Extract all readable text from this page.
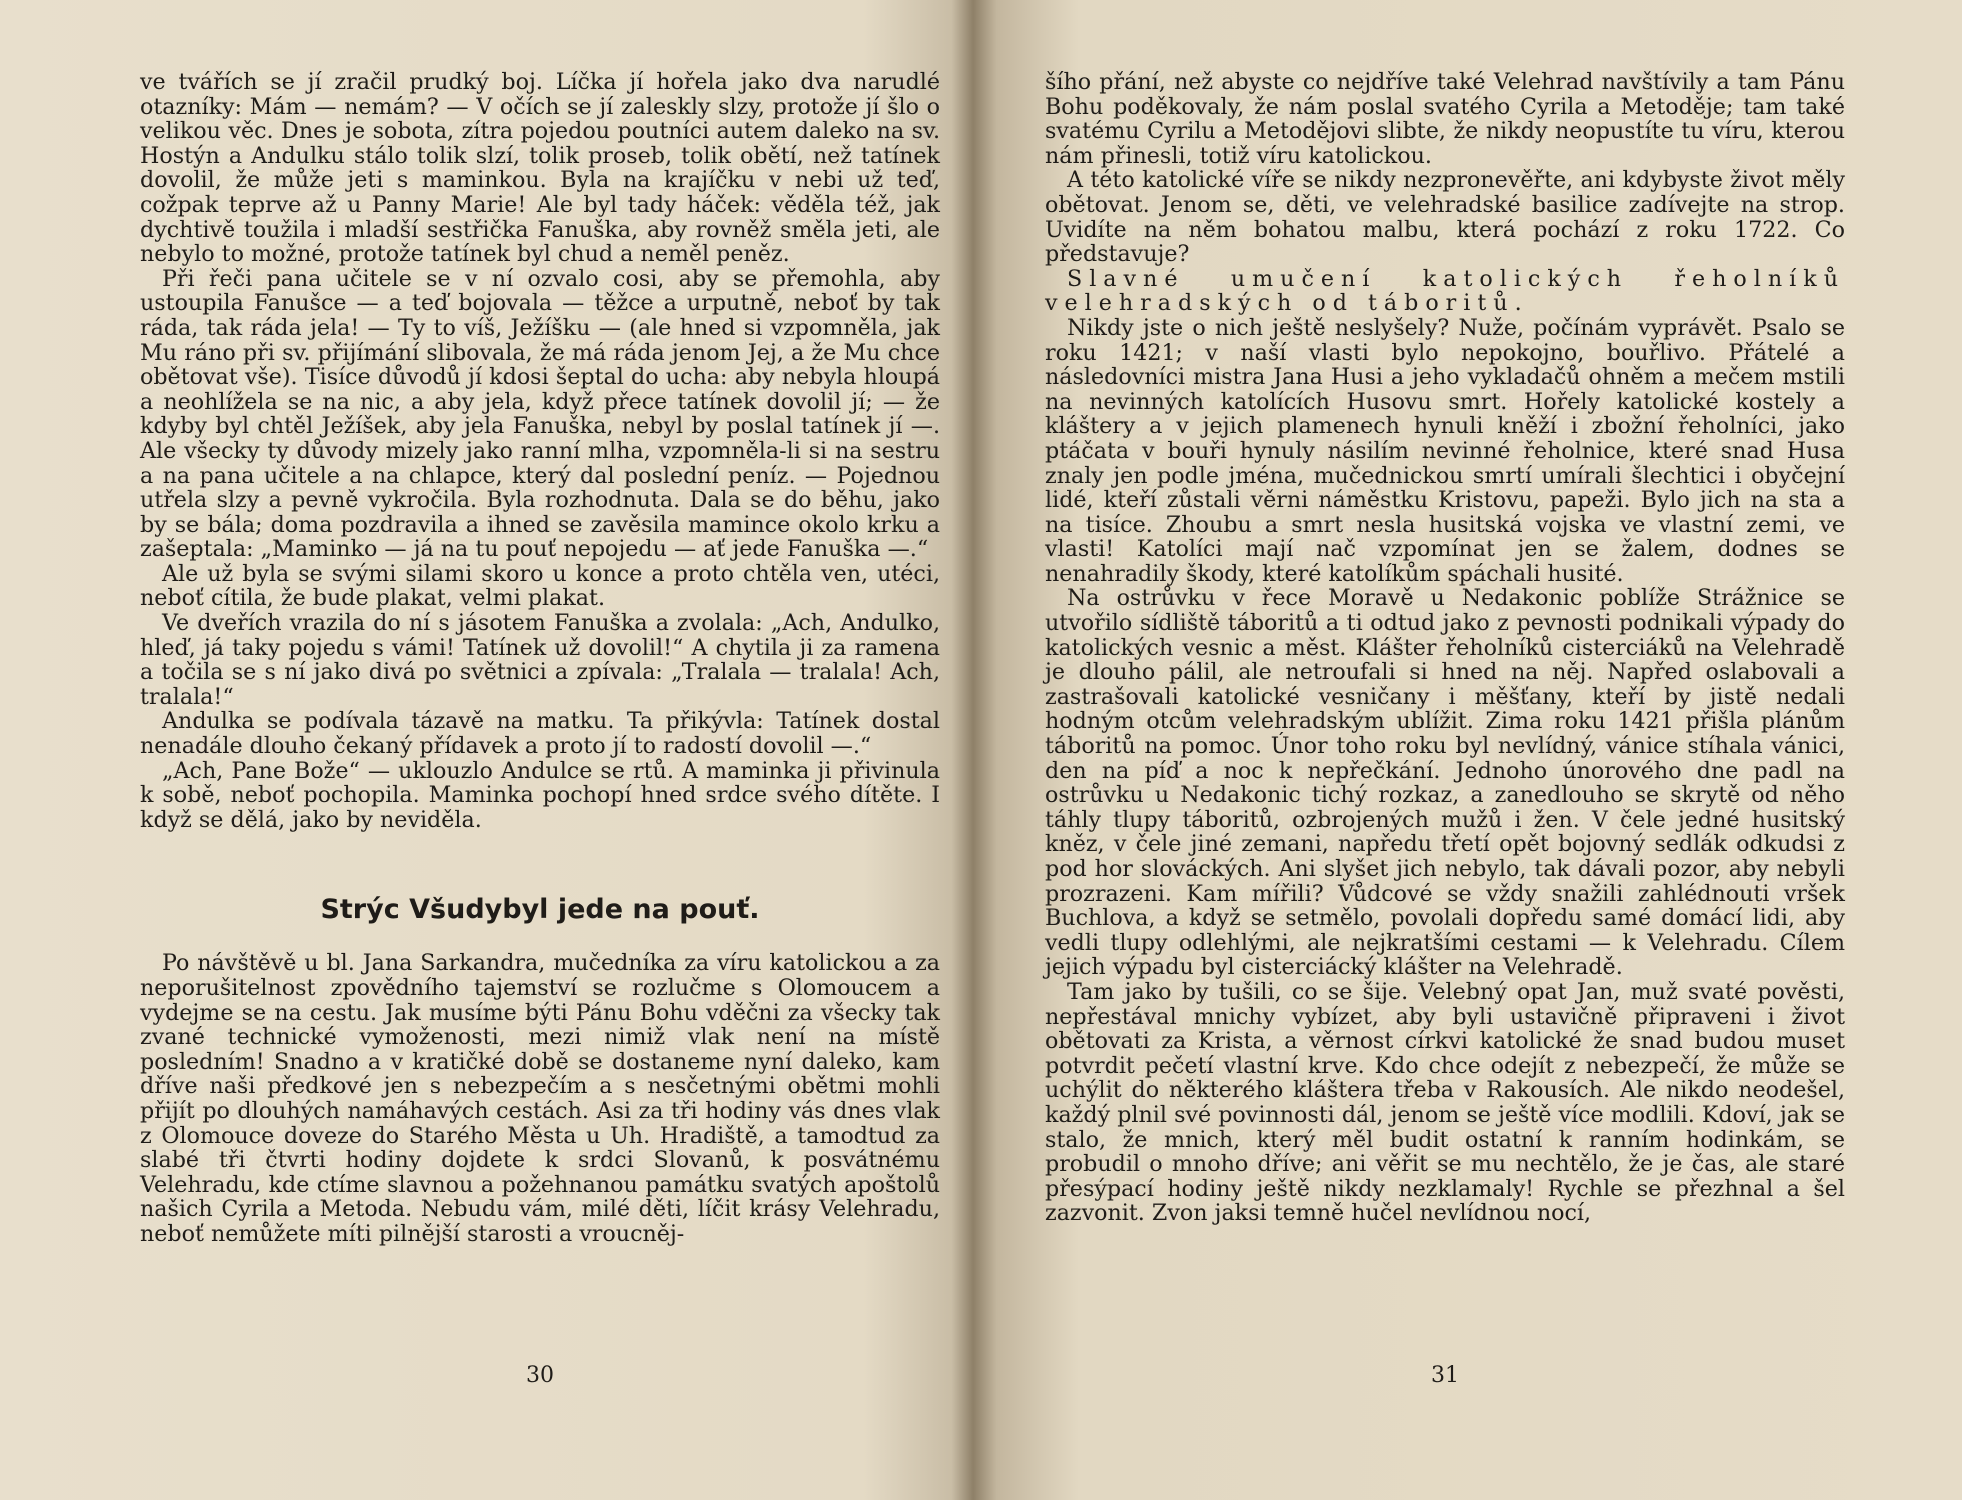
ve tvářích se jí zračil prudký boj. Líčka jí hořela jako dva narudlé otazníky: Mám — nemám? — V očích se jí zaleskly slzy, protože jí šlo o velikou věc. Dnes je sobota, zítra pojedou poutníci autem daleko na sv. Hostýn a Andulku stálo tolik slzí, tolik proseb, tolik obětí, než tatínek dovolil, že může jeti s maminkou. Byla na krajíčku v nebi už teď, cožpak teprve až u Panny Marie! Ale byl tady háček: věděla též, jak dychtivě toužila i mladší sestřička Fanuška, aby rovněž směla jeti, ale nebylo to možné, protože tatínek byl chud a neměl peněz.

Při řeči pana učitele se v ní ozvalo cosi, aby se přemohla, aby ustoupila Fanušce — a teď bojovala — těžce a urputně, neboť by tak ráda, tak ráda jela! — Ty to víš, Ježíšku — (ale hned si vzpomněla, jak Mu ráno při sv. přijímání slibovala, že má ráda jenom Jej, a že Mu chce obětovat vše). Tisíce důvodů jí kdosi šeptal do ucha: aby nebyla hloupá a neohlížela se na nic, a aby jela, když přece tatínek dovolil jí; — že kdyby byl chtěl Ježíšek, aby jela Fanuška, nebyl by poslal tatínek jí —. Ale všecky ty důvody mizely jako ranní mlha, vzpomněla-li si na sestru a na pana učitele a na chlapce, který dal poslední peníz. — Pojednou utřela slzy a pevně vykročila. Byla rozhodnuta. Dala se do běhu, jako by se bála; doma pozdravila a ihned se zavěsila mamince okolo krku a zašeptala: „Maminko — já na tu pouť nepojedu — ať jede Fanuška —.“

Ale už byla se svými silami skoro u konce a proto chtěla ven, utéci, neboť cítila, že bude plakat, velmi plakat.

Ve dveřích vrazila do ní s jásotem Fanuška a zvolala: „Ach, Andulko, hleď, já taky pojedu s vámi! Tatínek už dovolil!“ A chytila ji za ramena a točila se s ní jako divá po světnici a zpívala: „Tralala — tralala! Ach, tralala!“

Andulka se podívala tázavě na matku. Ta přikývla: Tatínek dostal nenadále dlouho čekaný přídavek a proto jí to radostí dovolil —.“

„Ach, Pane Bože“ — uklouzlo Andulce se rtů. A maminka ji přivinula k sobě, neboť pochopila. Maminka pochopí hned srdce svého dítěte. I když se dělá, jako by neviděla.

Strýc Všudybyl jede na pouť.

Po návštěvě u bl. Jana Sarkandra, mučedníka za víru katolickou a za neporušitelnost zpovědního tajemství se rozlučme s Olomoucem a vydejme se na cestu. Jak musíme býti Pánu Bohu vděčni za všecky tak zvané technické vymoženosti, mezi nimiž vlak není na místě posledním! Snadno a v kratičké době se dostaneme nyní daleko, kam dříve naši předkové jen s nebezpečím a s nesčetnými obětmi mohli přijít po dlouhých namáhavých cestách. Asi za tři hodiny vás dnes vlak z Olomouce doveze do Starého Města u Uh. Hradiště, a tamodtud za slabé tři čtvrti hodiny dojdete k srdci Slovanů, k posvátnému Velehradu, kde ctíme slavnou a požehnanou památku svatých apoštolů našich Cyrila a Metoda. Nebudu vám, milé děti, líčit krásy Velehradu, neboť nemůžete míti pilnější starosti a vroucněj-

30

šího přání, než abyste co nejdříve také Velehrad navštívily a tam Pánu Bohu poděkovaly, že nám poslal svatého Cyrila a Metoděje; tam také svatému Cyrilu a Metodějovi slibte, že nikdy neopustíte tu víru, kterou nám přinesli, totiž víru katolickou.

A této katolické víře se nikdy nezpronevěřte, ani kdybyste život měly obětovat. Jenom se, děti, ve velehradské basilice zadívejte na strop. Uvidíte na něm bohatou malbu, která pochází z roku 1722. Co představuje?

Slavné umučení katolických řeholníků velehradských od táboritů.

Nikdy jste o nich ještě neslyšely? Nuže, počínám vyprávět. Psalo se roku 1421; v naší vlasti bylo nepokojno, bouřlivo. Přátelé a následovníci mistra Jana Husi a jeho vykladačů ohněm a mečem mstili na nevinných katolících Husovu smrt. Hořely katolické kostely a kláštery a v jejich plamenech hynuli kněží i zbožní řeholníci, jako ptáčata v bouři hynuly násilím nevinné řeholnice, které snad Husa znaly jen podle jména, mučednickou smrtí umírali šlechtici i obyčejní lidé, kteří zůstali věrni náměstku Kristovu, papeži. Bylo jich na sta a na tisíce. Zhoubu a smrt nesla husitská vojska ve vlastní zemi, ve vlasti! Katolíci mají nač vzpomínat jen se žalem, dodnes se nenahradily škody, které katolíkům spáchali husité.

Na ostrůvku v řece Moravě u Nedakonic poblíže Strážnice se utvořilo sídliště táboritů a ti odtud jako z pevnosti podnikali výpady do katolických vesnic a měst. Klášter řeholníků cisterciáků na Velehradě je dlouho pálil, ale netroufali si hned na něj. Napřed oslabovali a zastrašovali katolické vesničany i měšťany, kteří by jistě nedali hodným otcům velehradským ublížit. Zima roku 1421 přišla plánům táboritů na pomoc. Únor toho roku byl nevlídný, vánice stíhala vánici, den na píď a noc k nepřečkání. Jednoho únorového dne padl na ostrůvku u Nedakonic tichý rozkaz, a zanedlouho se skrytě od něho táhly tlupy táboritů, ozbrojených mužů i žen. V čele jedné husitský kněz, v čele jiné zemani, napředu třetí opět bojovný sedlák odkudsi z pod hor slováckých. Ani slyšet jich nebylo, tak dávali pozor, aby nebyli prozrazeni. Kam mířili? Vůdcové se vždy snažili zahlédnouti vršek Buchlova, a když se setmělo, povolali dopředu samé domácí lidi, aby vedli tlupy odlehlými, ale nejkratšími cestami — k Velehradu. Cílem jejich výpadu byl cisterciácký klášter na Velehradě.

Tam jako by tušili, co se šije. Velebný opat Jan, muž svaté pověsti, nepřestával mnichy vybízet, aby byli ustavičně připraveni i život obětovati za Krista, a věrnost církvi katolické že snad budou muset potvrdit pečetí vlastní krve. Kdo chce odejít z nebezpečí, že může se uchýlit do některého kláštera třeba v Rakousích. Ale nikdo neodešel, každý plnil své povinnosti dál, jenom se ještě více modlili. Kdoví, jak se stalo, že mnich, který měl budit ostatní k ranním hodinkám, se probudil o mnoho dříve; ani věřit se mu nechtělo, že je čas, ale staré přesýpací hodiny ještě nikdy nezklamaly! Rychle se přezhnal a šel zazvonit. Zvon jaksi temně hučel nevlídnou nocí,

31
